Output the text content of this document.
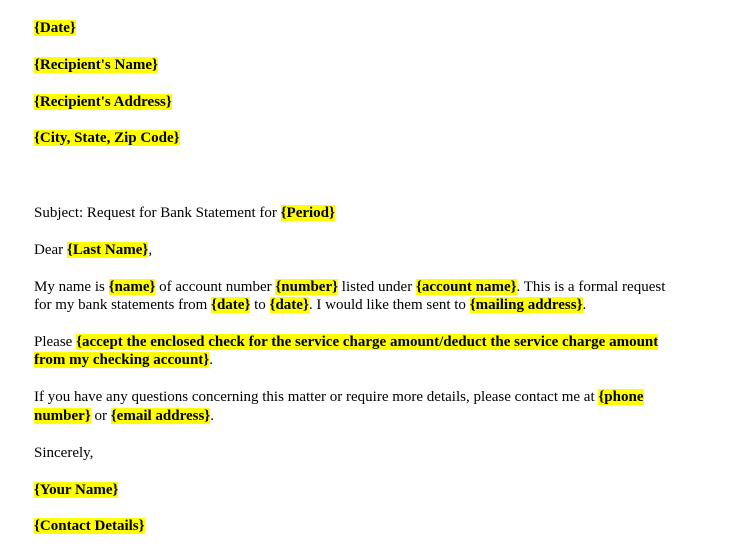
{Date}
{Recipient's Name}
{Recipient's Address}
{City, State, Zip Code}
Subject: Request for Bank Statement for {Period}
Dear {Last Name},
My name is {name} of account number {number} listed under {account name}. This is a formal request
for my bank statements from {date} to {date}. I would like them sent to {mailing address}.
Please {accept the enclosed check for the service charge amount/deduct the service charge amount
from my checking account}.
If you have any questions concerning this matter or require more details, please contact me at {phone
number} or {email address}.
Sincerely,
{Your Name}
{Contact Details}
